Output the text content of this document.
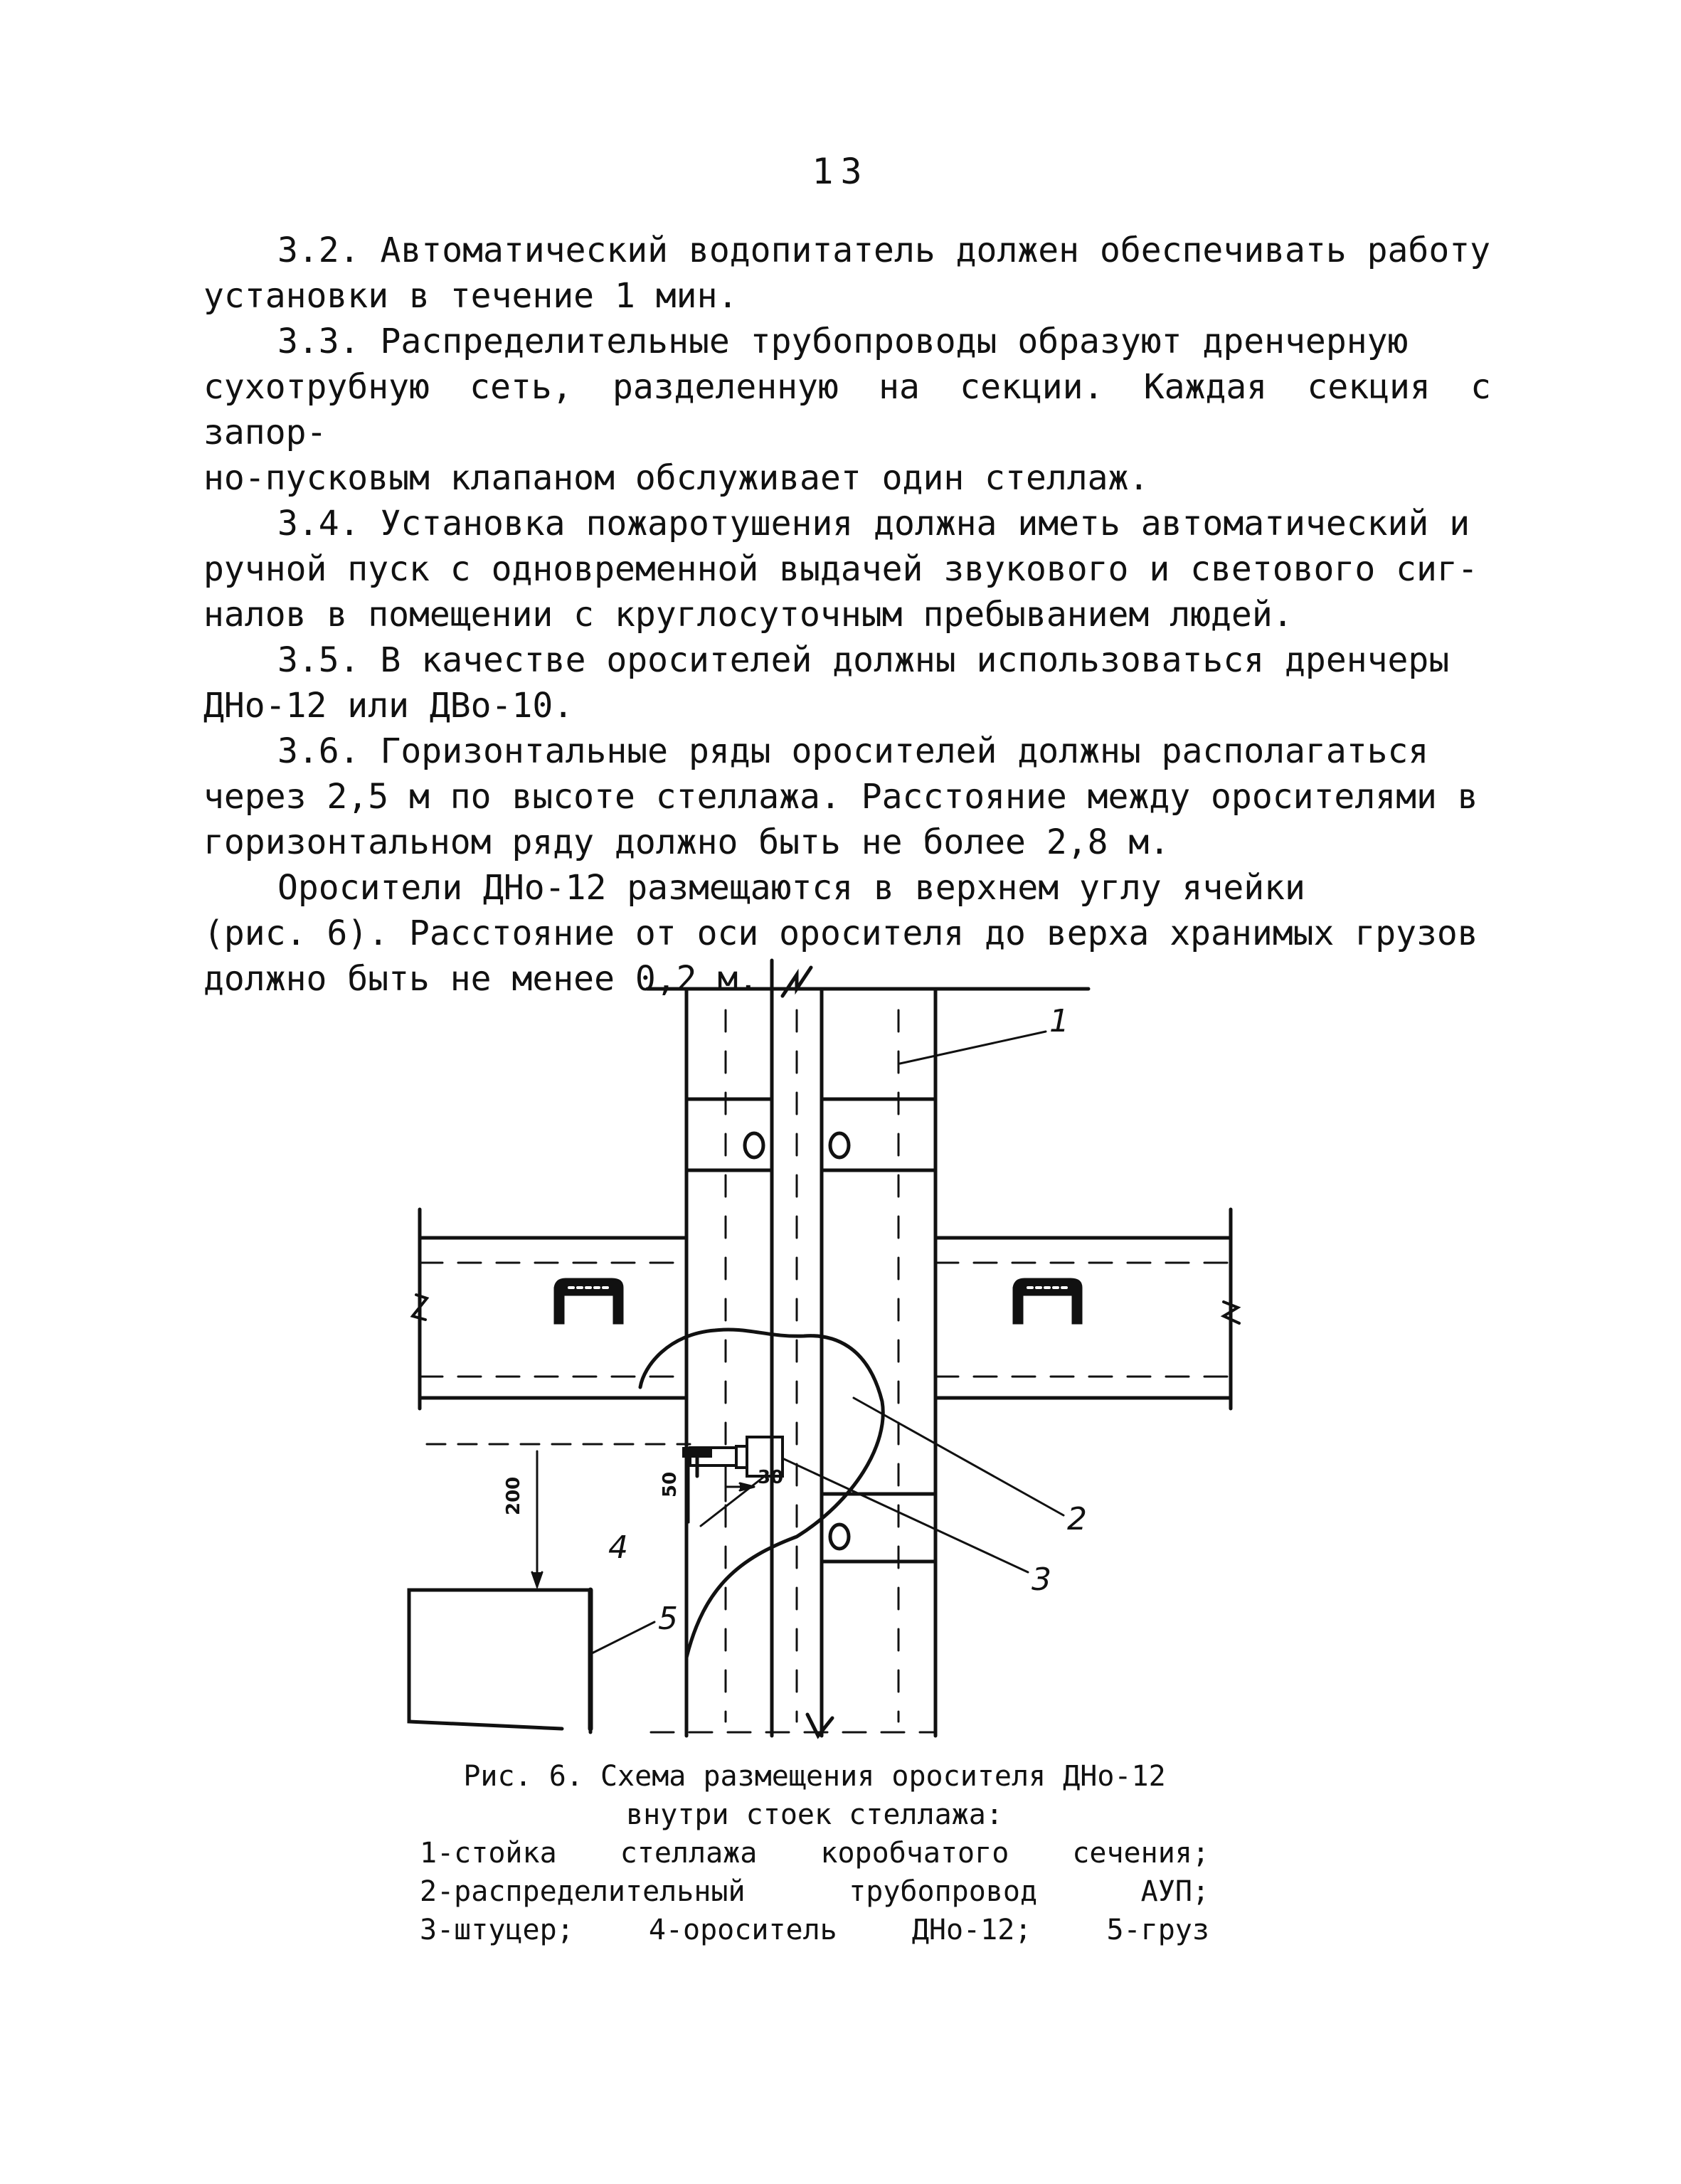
13

3.2. Автоматический водопитатель должен обеспечивать работу
установки в течение 1 мин.

3.3. Распределительные трубопроводы образуют дренчерную
сухотрубную сеть, разделенную на секции. Каждая секция с запор-
но-пусковым клапаном обслуживает один стеллаж.

3.4. Установка пожаротушения должна иметь автоматический и
ручной пуск с одновременной выдачей звукового и светового сиг-
налов в помещении с круглосуточным пребыванием людей.

3.5. В качестве оросителей должны использоваться дренчеры
ДНо-12 или ДВо-10.

3.6. Горизонтальные ряды оросителей должны располагаться
через 2,5 м по высоте стеллажа. Расстояние между оросителями в
горизонтальном ряду должно быть не более 2,8 м.

Оросители ДНо-12 размещаются в верхнем углу ячейки
(рис. 6). Расстояние от оси оросителя до верха хранимых грузов
должно быть не менее 0,2 м.

200	50	30
1
2
3
4
5
Рис. 6. Схема размещения оросителя ДНо-12
внутри стоек стеллажа:
1-стойка стеллажа коробчатого сечения;
2-распределительный	трубопровод	АУП;
3-штуцер;	4-ороситель	ДНо-12;	5-груз
